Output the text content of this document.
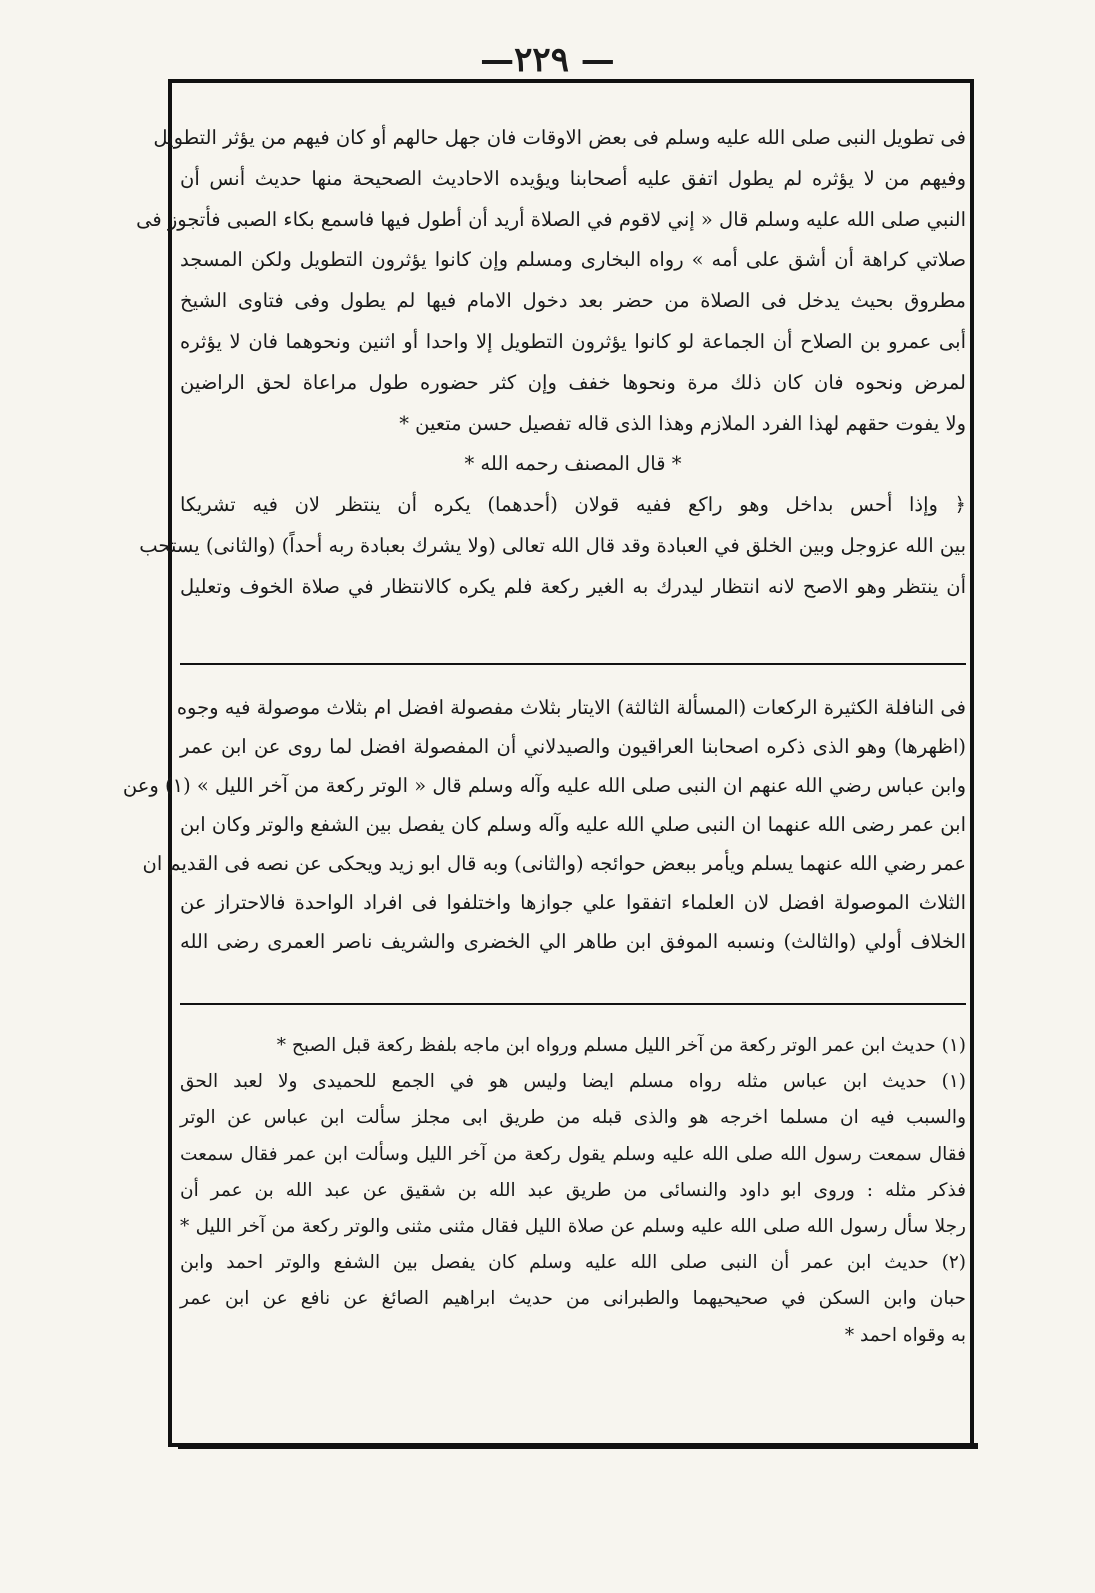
—٢٢٩ —
فى تطويل النبى صلى الله عليه وسلم فى بعض الاوقات فان جهل حالهم أو كان فيهم من يؤثر التطويل
وفيهم من لا يؤثره لم يطول اتفق عليه أصحابنا ويؤيده الاحاديث الصحيحة منها حديث أنس أن
النبي صلى الله عليه وسلم قال « إني لاقوم في الصلاة أريد أن أطول فيها فاسمع بكاء الصبى فأتجوز فى
صلاتي كراهة أن أشق على أمه » رواه البخارى ومسلم وإن كانوا يؤثرون التطويل ولكن المسجد
مطروق بحيث يدخل فى الصلاة من حضر بعد دخول الامام فيها لم يطول وفى فتاوى الشيخ
أبى عمرو بن الصلاح أن الجماعة لو كانوا يؤثرون التطويل إلا واحدا أو اثنين ونحوهما فان لا يؤثره
لمرض ونحوه فان كان ذلك مرة ونحوها خفف وإن كثر حضوره طول مراعاة لحق الراضين
ولا يفوت حقهم لهذا الفرد الملازم وهذا الذى قاله تفصيل حسن متعين *
* قال المصنف رحمه الله *
﴿ وإذا أحس بداخل وهو راكع ففيه قولان (أحدهما) يكره أن ينتظر لان فيه تشريكا
بين الله عزوجل وبين الخلق في العبادة وقد قال الله تعالى (ولا يشرك بعبادة ربه أحداً) (والثانى) يستحب
أن ينتظر وهو الاصح لانه انتظار ليدرك به الغير ركعة فلم يكره كالانتظار في صلاة الخوف وتعليل
فى النافلة الكثيرة الركعات (المسألة الثالثة) الايتار بثلاث مفصولة افضل ام بثلاث موصولة فيه وجوه
(اظهرها) وهو الذى ذكره اصحابنا العراقيون والصيدلاني أن المفصولة افضل لما روى عن ابن عمر
وابن عباس رضي الله عنهم ان النبى صلى الله عليه وآله وسلم قال « الوتر ركعة من آخر الليل » (١) وعن
ابن عمر رضى الله عنهما ان النبى صلي الله عليه وآله وسلم كان يفصل بين الشفع والوتر وكان ابن
عمر رضي الله عنهما يسلم ويأمر ببعض حوائجه (والثانى) وبه قال ابو زيد ويحكى عن نصه فى القديم ان
الثلاث الموصولة افضل لان العلماء اتفقوا علي جوازها واختلفوا فى افراد الواحدة فالاحتراز عن
الخلاف أولي (والثالث) ونسبه الموفق ابن طاهر الي الخضرى والشريف ناصر العمرى رضى الله
(١) حديث ابن عمر الوتر ركعة من آخر الليل مسلم ورواه ابن ماجه بلفظ ركعة قبل الصبح *
(١) حديث ابن عباس مثله رواه مسلم ايضا وليس هو في الجمع للحميدى ولا لعبد الحق
والسبب فيه ان مسلما اخرجه هو والذى قبله من طريق ابى مجلز سألت ابن عباس عن الوتر
فقال سمعت رسول الله صلى الله عليه وسلم يقول ركعة من آخر الليل وسألت ابن عمر فقال سمعت
فذكر مثله : وروى ابو داود والنسائى من طريق عبد الله بن شقيق عن عبد الله بن عمر أن
رجلا سأل رسول الله صلى الله عليه وسلم عن صلاة الليل فقال مثنى مثنى والوتر ركعة من آخر الليل *
(٢) حديث ابن عمر أن النبى صلى الله عليه وسلم كان يفصل بين الشفع والوتر احمد وابن
حبان وابن السكن في صحيحيهما والطبرانى من حديث ابراهيم الصائغ عن نافع عن ابن عمر
به وقواه احمد *
